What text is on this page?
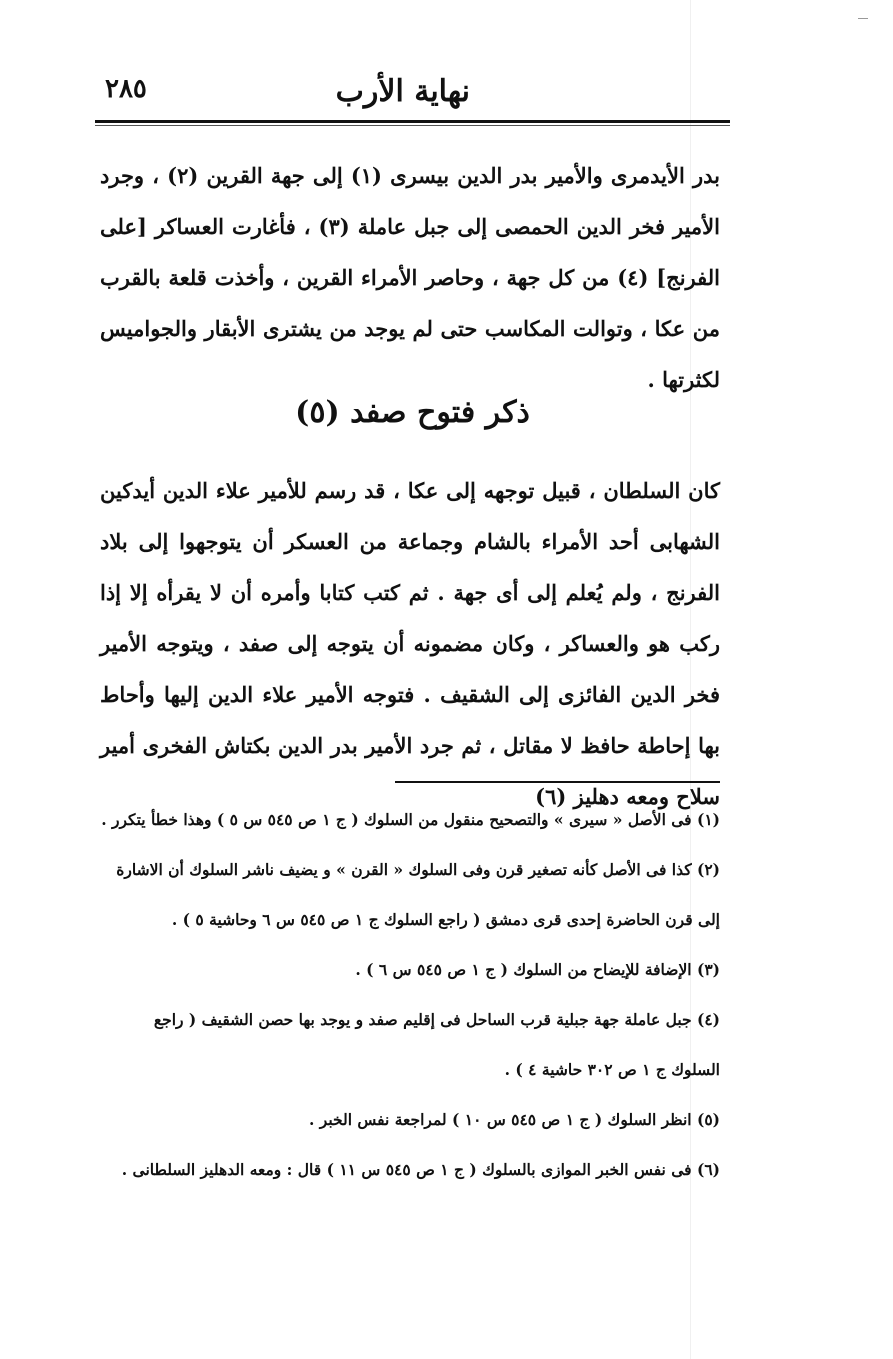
نهاية الأرب
٢٨٥
بدر الأيدمرى والأمير بدر الدين بيسرى (١) إلى جهة القرين (٢) ، وجرد الأمير فخر الدين الحمصى إلى جبل عاملة (٣) ، فأغارت العساكر [على الفرنج] (٤) من كل جهة ، وحاصر الأمراء القرين ، وأخذت قلعة بالقرب من عكا ، وتوالت المكاسب حتى لم يوجد من يشترى الأبقار والجواميس لكثرتها .
ذكر فتوح صفد (٥)
كان السلطان ، قبيل توجهه إلى عكا ، قد رسم للأمير علاء الدين أيدكين الشهابى أحد الأمراء بالشام وجماعة من العسكر أن يتوجهوا إلى بلاد الفرنج ، ولم يُعلم إلى أى جهة . ثم كتب كتابا وأمره أن لا يقرأه إلا إذا ركب هو والعساكر ، وكان مضمونه أن يتوجه إلى صفد ، ويتوجه الأمير فخر الدين الفائزى إلى الشقيف . فتوجه الأمير علاء الدين إليها وأحاط بها إحاطة حافظ لا مقاتل ، ثم جرد الأمير بدر الدين بكتاش الفخرى أمير سلاح ومعه دهليز (٦)
(١) فى الأصل « سيرى » والتصحيح منقول من السلوك ( ج ١ ص ٥٤٥ س ٥ ) وهذا خطأ يتكرر .
(٢) كذا فى الأصل كأنه تصغير قرن وفى السلوك « القرن » و يضيف ناشر السلوك أن الاشارة إلى قرن الحاضرة إحدى قرى دمشق ( راجع السلوك ج ١ ص ٥٤٥ س ٦ وحاشية ٥ ) .
(٣) الإضافة للإيضاح من السلوك ( ج ١ ص ٥٤٥ س ٦ ) .
(٤) جبل عاملة جهة جبلية قرب الساحل فى إقليم صفد و يوجد بها حصن الشقيف ( راجع السلوك ج ١ ص ٣٠٢ حاشية ٤ ) .
(٥) انظر السلوك ( ج ١ ص ٥٤٥ س ١٠ ) لمراجعة نفس الخبر .
(٦) فى نفس الخبر الموازى بالسلوك ( ج ١ ص ٥٤٥ س ١١ ) قال : ومعه الدهليز السلطانى .
